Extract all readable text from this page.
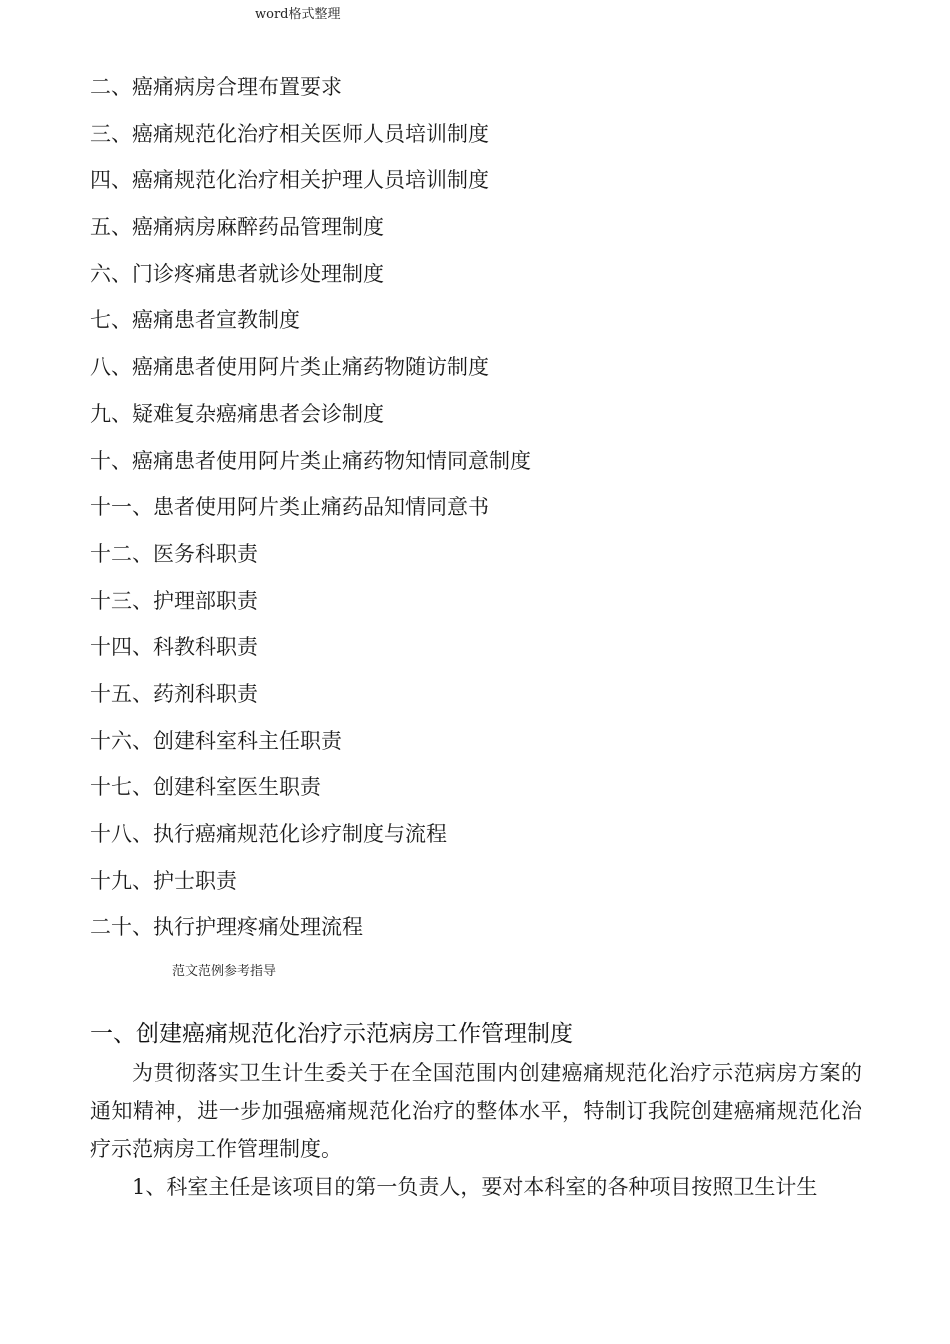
word格式整理
二、癌痛病房合理布置要求
三、癌痛规范化治疗相关医师人员培训制度
四、癌痛规范化治疗相关护理人员培训制度
五、癌痛病房麻醉药品管理制度
六、门诊疼痛患者就诊处理制度
七、癌痛患者宣教制度
八、癌痛患者使用阿片类止痛药物随访制度
九、疑难复杂癌痛患者会诊制度
十、癌痛患者使用阿片类止痛药物知情同意制度
十一、患者使用阿片类止痛药品知情同意书
十二、医务科职责
十三、护理部职责
十四、科教科职责
十五、药剂科职责
十六、创建科室科主任职责
十七、创建科室医生职责
十八、执行癌痛规范化诊疗制度与流程
十九、护士职责
二十、执行护理疼痛处理流程
范文范例参考指导
一、创建癌痛规范化治疗示范病房工作管理制度

为贯彻落实卫生计生委关于在全国范围内创建癌痛规范化治疗示范病房方案的通知精神，进一步加强癌痛规范化治疗的整体水平，特制订我院创建癌痛规范化治疗示范病房工作管理制度。

1、科室主任是该项目的第一负责人，要对本科室的各种项目按照卫生计生
